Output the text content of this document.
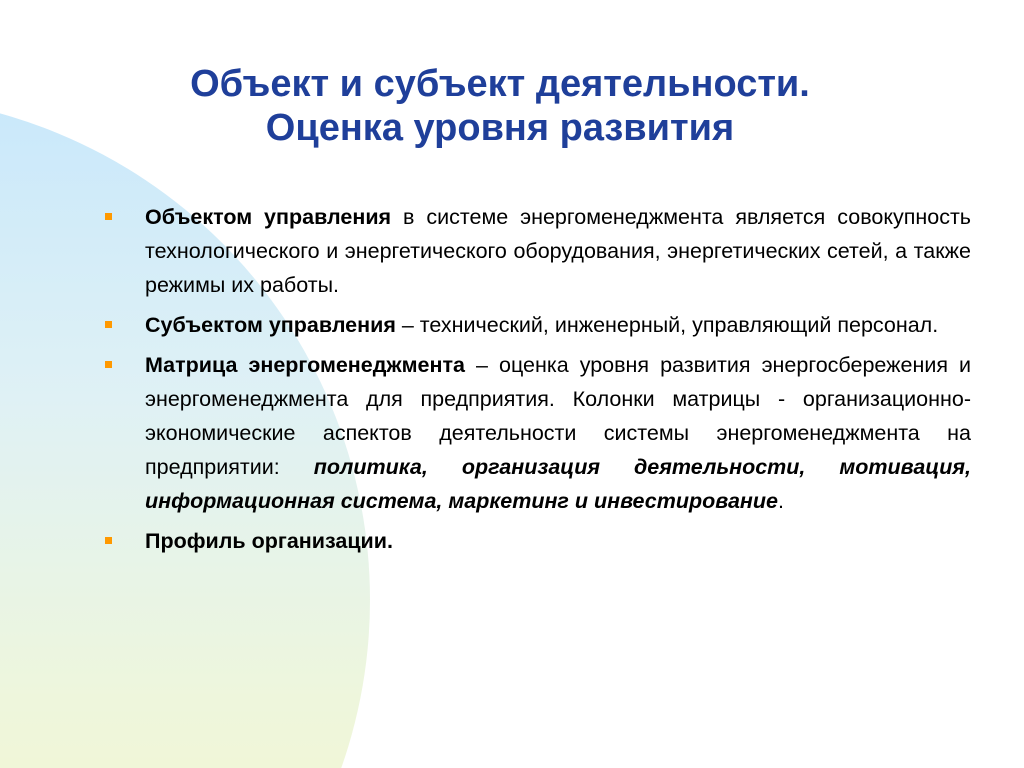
Объект и субъект деятельности.
Оценка уровня развития
Объектом управления в системе энергоменеджмента является совокупность технологического и энергетического оборудования, энергетических сетей, а также режимы их работы.
Субъектом управления – технический, инженерный, управляющий персонал.
Матрица энергоменеджмента – оценка уровня развития энергосбережения и энергоменеджмента для предприятия. Колонки матрицы - организационно-экономические аспектов деятельности системы энергоменеджмента на предприятии: политика, организация деятельности, мотивация, информационная система, маркетинг и инвестирование.
Профиль организации.
